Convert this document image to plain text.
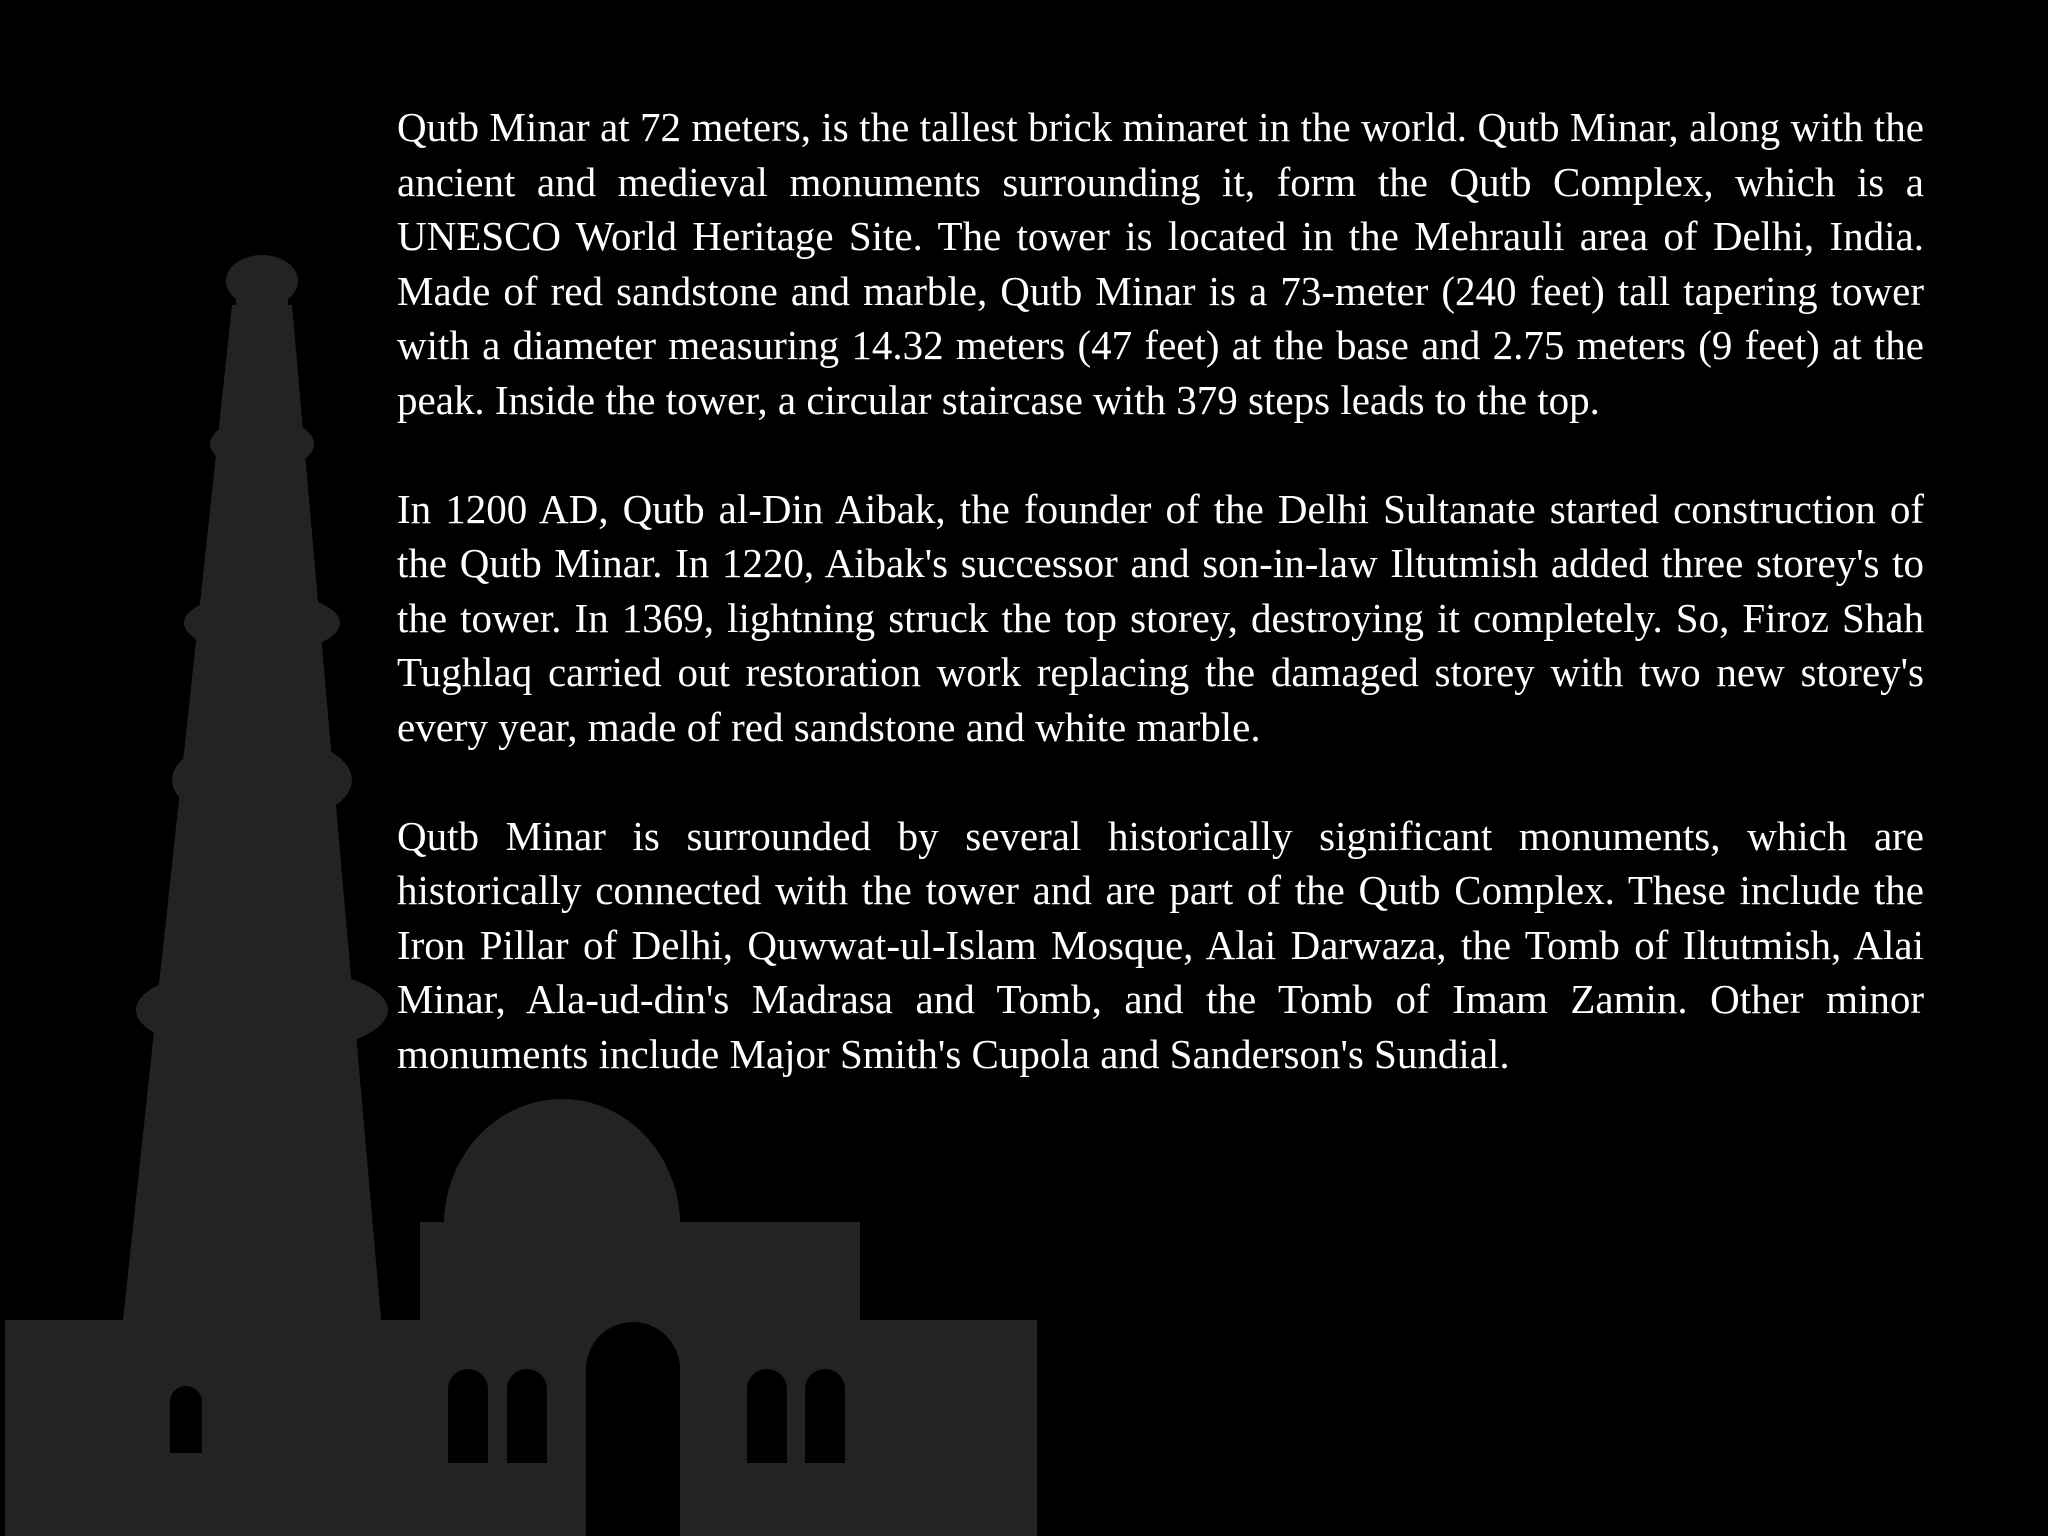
Qutb Minar at 72 meters, is the tallest brick minaret in the world. Qutb Minar, along with the ancient and medieval monuments surrounding it, form the Qutb Complex, which is a UNESCO World Heritage Site. The tower is located in the Mehrauli area of Delhi, India. Made of red sandstone and marble, Qutb Minar is a 73-meter (240 feet) tall tapering tower with a diameter measuring 14.32 meters (47 feet) at the base and 2.75 meters (9 feet) at the peak. Inside the tower, a circular staircase with 379 steps leads to the top.

In 1200 AD, Qutb al-Din Aibak, the founder of the Delhi Sultanate started construction of the Qutb Minar. In 1220, Aibak's successor and son-in-law Iltutmish added three storey's to the tower. In 1369, lightning struck the top storey, destroying it completely. So, Firoz Shah Tughlaq carried out restoration work replacing the damaged storey with two new storey's every year, made of red sandstone and white marble.

Qutb Minar is surrounded by several historically significant monuments, which are historically connected with the tower and are part of the Qutb Complex. These include the Iron Pillar of Delhi, Quwwat-ul-Islam Mosque, Alai Darwaza, the Tomb of Iltutmish, Alai Minar, Ala-ud-din's Madrasa and Tomb, and the Tomb of Imam Zamin. Other minor monuments include Major Smith's Cupola and Sanderson's Sundial.
